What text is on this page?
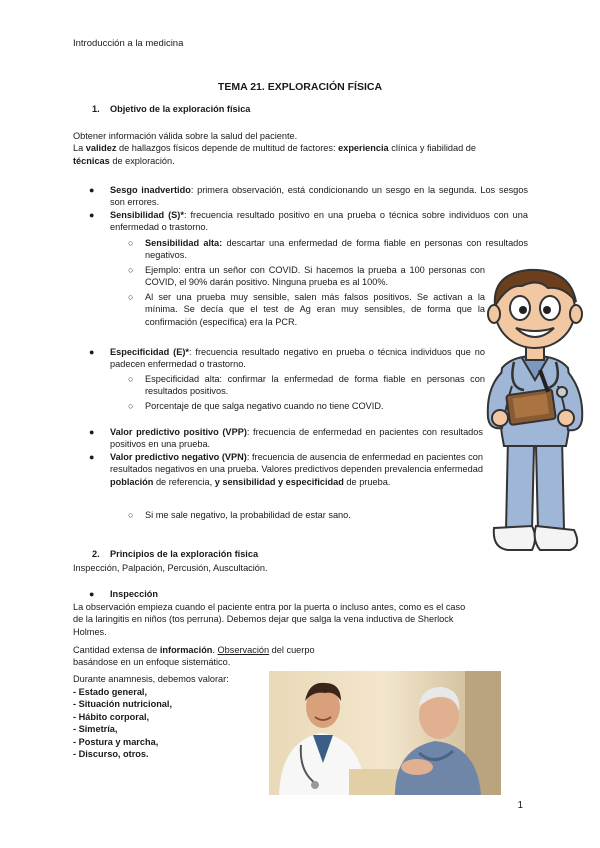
Introducción a la medicina
TEMA 21. EXPLORACIÓN FÍSICA
1. Objetivo de la exploración física
Obtener información válida sobre la salud del paciente.
La validez de hallazgos físicos depende de multitud de factores: experiencia clínica y fiabilidad de
técnicas de exploración.
● Sesgo inadvertido: primera observación, está condicionando un sesgo en la segunda. Los sesgos son errores.
● Sensibilidad (S)*: frecuencia resultado positivo en una prueba o técnica sobre individuos con una enfermedad o trastorno.
○ Sensibilidad alta: descartar una enfermedad de forma fiable en personas con resultados negativos.
○ Ejemplo: entra un señor con COVID. Si hacemos la prueba a 100 personas con COVID, el 90% darán positivo. Ninguna prueba es al 100%.
○ Al ser una prueba muy sensible, salen más falsos positivos. Se activan a la mínima. Se decía que el test de Ag eran muy sensibles, de forma que la confirmación (específica) era la PCR.
● Especificidad (E)*: frecuencia resultado negativo en prueba o técnica individuos que no padecen enfermedad o trastorno.
○ Especificidad alta: confirmar la enfermedad de forma fiable en personas con resultados positivos.
○ Porcentaje de que salga negativo cuando no tiene COVID.
● Valor predictivo positivo (VPP): frecuencia de enfermedad en pacientes con resultados positivos en una prueba.
● Valor predictivo negativo (VPN): frecuencia de ausencia de enfermedad en pacientes con resultados negativos en una prueba. Valores predictivos dependen prevalencia enfermedad población de referencia, y sensibilidad y especificidad de prueba.
○ Si me sale negativo, la probabilidad de estar sano.
2. Principios de la exploración física
Inspección, Palpación, Percusión, Auscultación.
● Inspección
La observación empieza cuando el paciente entra por la puerta o incluso antes, como es el caso de la laringitis en niños (tos perruna). Debemos dejar que salga la vena inductiva de Sherlock Holmes.
Cantidad extensa de información. Observación del cuerpo basándose en un enfoque sistemático.
Durante anamnesis, debemos valorar:
- Estado general,
- Situación nutricional,
- Hábito corporal,
- Simetría,
- Postura y marcha,
- Discurso, otros.
1
